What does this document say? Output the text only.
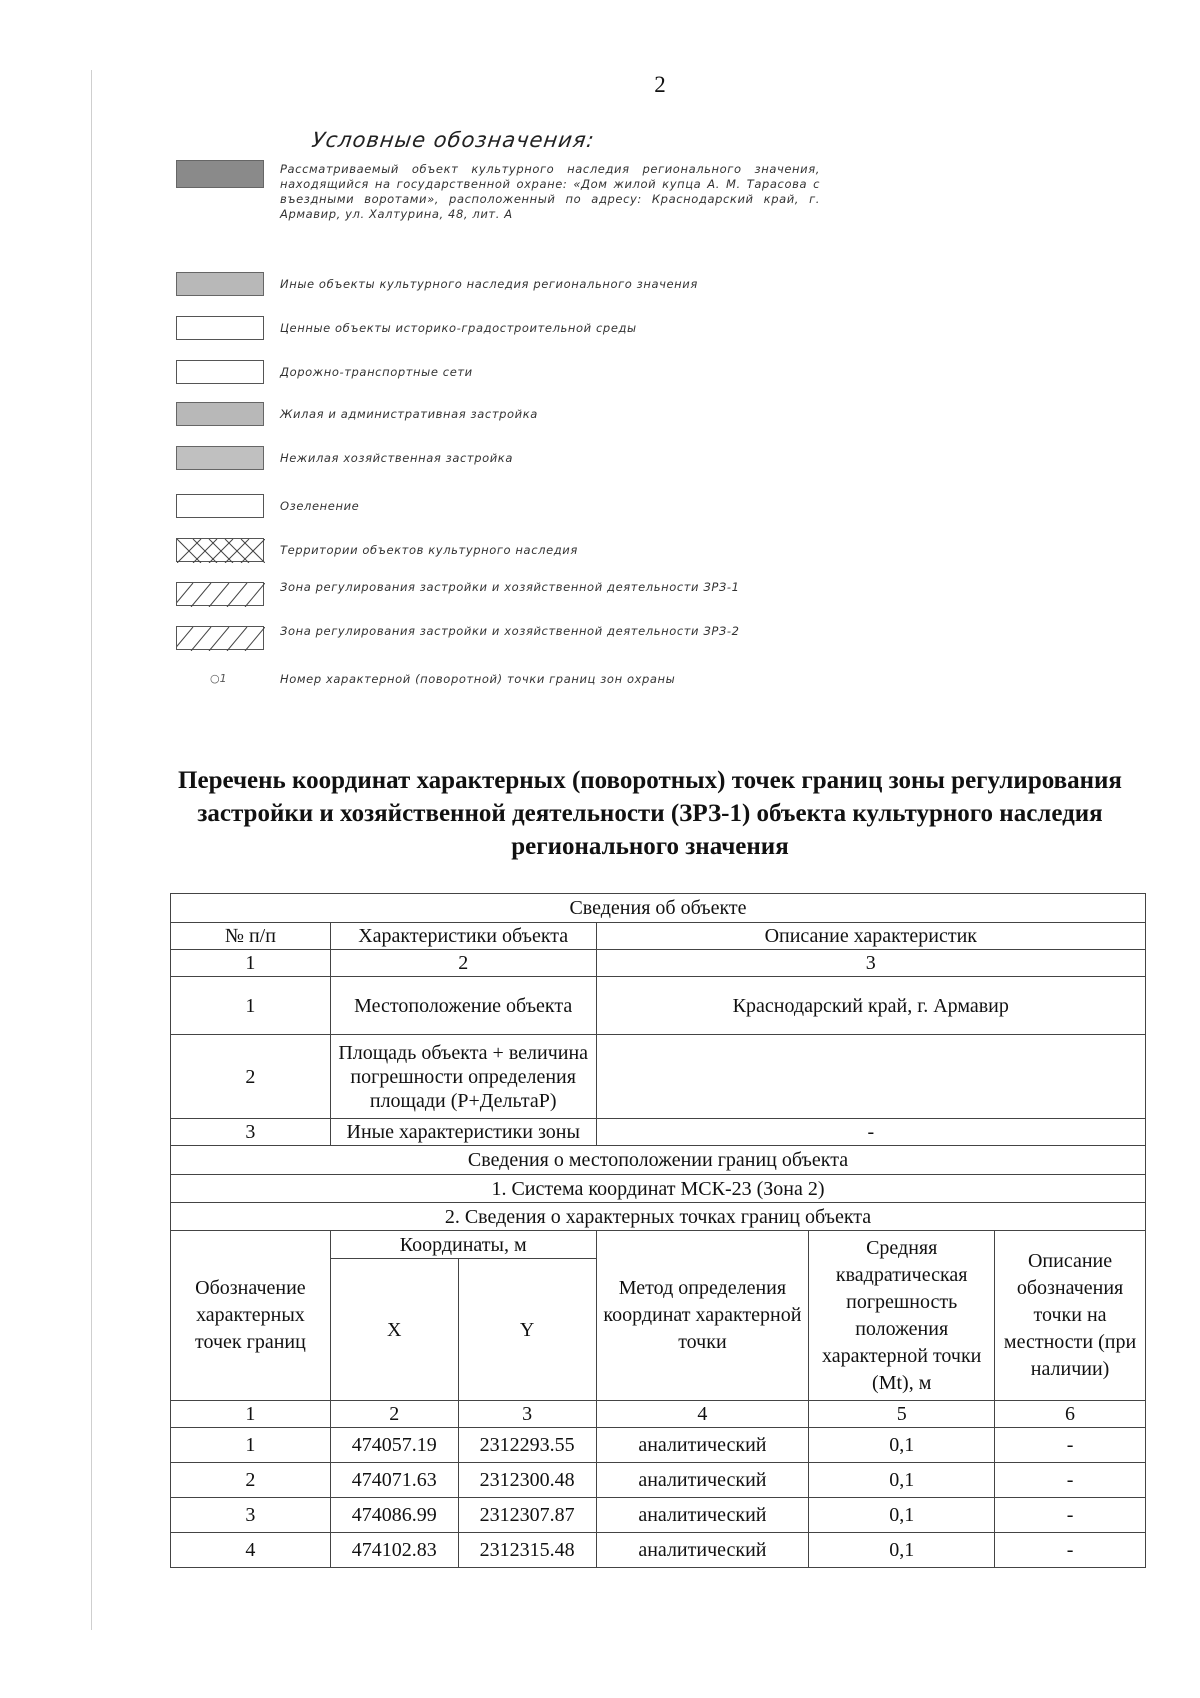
2
Условные обозначения:
Рассматриваемый объект культурного наследия регионального значения, находящийся на государственной охране: «Дом жилой купца А. М. Тарасова с въездными воротами», расположенный по адресу: Краснодарский край, г. Армавир, ул. Халтурина, 48, лит. А
Иные объекты культурного наследия регионального значения
Ценные объекты историко-градостроительной среды
Дорожно-транспортные сети
Жилая и административная застройка
Нежилая хозяйственная застройка
Озеленение
Территории объектов культурного наследия
Зона регулирования застройки и хозяйственной деятельности ЗРЗ-1
Зона регулирования застройки и хозяйственной деятельности ЗРЗ-2
○1	Номер характерной (поворотной) точки границ зон охраны
Перечень координат характерных (поворотных) точек границ зоны регулирования застройки и хозяйственной деятельности (ЗРЗ-1) объекта культурного наследия регионального значения
Сведения об объекте					
№ п/п	Характеристики объекта		Описание характеристик		
1	2		3		
1	Местоположение объекта		Краснодарский край, г. Армавир		
2	Площадь объекта + величина погрешности определения площади (Р+ДельтаР)				
3	Иные характеристики зоны		-		
Сведения о местоположении границ объекта					
1. Система координат МСК-23 (Зона 2)					
2. Сведения о характерных точках границ объекта					
Обозначение характерных точек границ	Координаты, м		Метод определения координат характерной точки	Средняя квадратическая погрешность положения характерной точки (Mt), м	Описание обозначения точки на местности (при наличии)
	X	Y			
1	2	3	4	5	6
1	474057.19	2312293.55	аналитический	0,1	-
2	474071.63	2312300.48	аналитический	0,1	-
3	474086.99	2312307.87	аналитический	0,1	-
4	474102.83	2312315.48	аналитический	0,1	-
